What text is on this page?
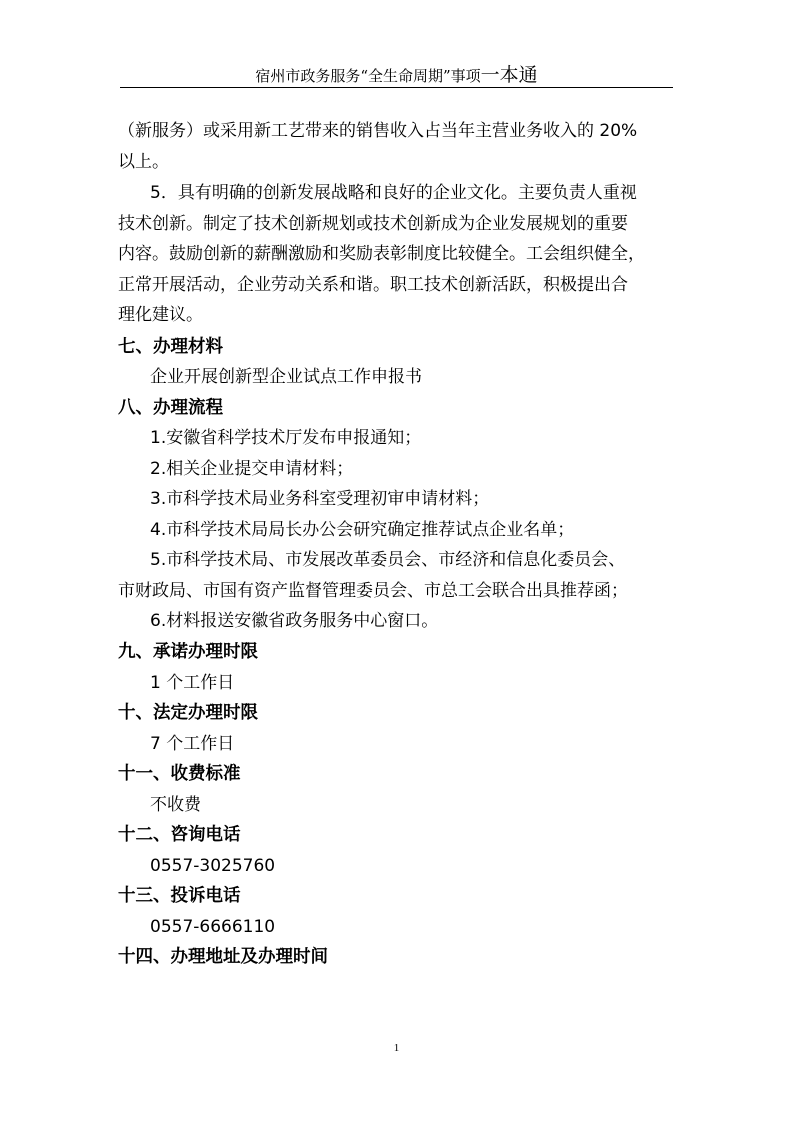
宿州市政务服务“全生命周期”事项一本通
（新服务）或采用新工艺带来的销售收入占当年主营业务收入的 20%
以上。
5．具有明确的创新发展战略和良好的企业文化。主要负责人重视
技术创新。制定了技术创新规划或技术创新成为企业发展规划的重要
内容。鼓励创新的薪酬激励和奖励表彰制度比较健全。工会组织健全，
正常开展活动，企业劳动关系和谐。职工技术创新活跃，积极提出合
理化建议。
七、办理材料
企业开展创新型企业试点工作申报书
八、办理流程
1.安徽省科学技术厅发布申报通知；
2.相关企业提交申请材料；
3.市科学技术局业务科室受理初审申请材料；
4.市科学技术局局长办公会研究确定推荐试点企业名单；
5.市科学技术局、市发展改革委员会、市经济和信息化委员会、
市财政局、市国有资产监督管理委员会、市总工会联合出具推荐函；
6.材料报送安徽省政务服务中心窗口。
九、承诺办理时限
1 个工作日
十、法定办理时限
7 个工作日
十一、收费标准
不收费
十二、咨询电话
0557-3025760
十三、投诉电话
0557-6666110
十四、办理地址及办理时间
1
